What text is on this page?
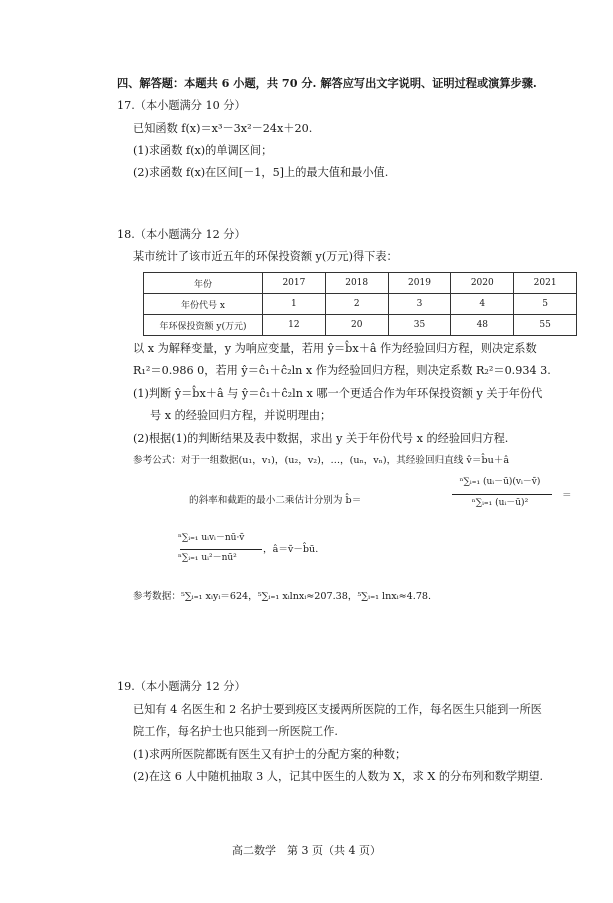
四、解答题：本题共 6 小题，共 70 分. 解答应写出文字说明、证明过程或演算步骤.
17.（本小题满分 10 分）
已知函数 f(x)＝x³－3x²－24x＋20.
(1)求函数 f(x)的单调区间；
(2)求函数 f(x)在区间[－1，5]上的最大值和最小值.
18.（本小题满分 12 分）
某市统计了该市近五年的环保投资额 y(万元)得下表：
年份	2017	2018	2019	2020	2021
年份代号 x	1	2	3	4	5
年环保投资额 y(万元)	12	20	35	48	55
以 x 为解释变量，y 为响应变量，若用 ŷ＝b̂x＋â 作为经验回归方程，则决定系数
R₁²＝0.986 0，若用 ŷ＝ĉ₁＋ĉ₂ln x 作为经验回归方程，则决定系数 R₂²＝0.934 3.
(1)判断 ŷ＝b̂x＋â 与 ŷ＝ĉ₁＋ĉ₂ln x 哪一个更适合作为年环保投资额 y 关于年份代
号 x 的经验回归方程，并说明理由；
(2)根据(1)的判断结果及表中数据，求出 y 关于年份代号 x 的经验回归方程.
参考公式：对于一组数据(u₁，v₁)，(u₂，v₂)，…，(uₙ，vₙ)，其经验回归直线 v̂＝b̂u＋â
的斜率和截距的最小二乘估计分别为 b̂＝
ⁿ∑ᵢ₌₁ (uᵢ－ū)(vᵢ－v̄)
ⁿ∑ᵢ₌₁ (uᵢ－ū)²
＝
ⁿ∑ᵢ₌₁ uᵢvᵢ－nū·v̄
ⁿ∑ᵢ₌₁ uᵢ²－nū²
，â＝v̄－b̂ū.
参考数据：⁵∑ᵢ₌₁ xᵢyᵢ＝624，⁵∑ᵢ₌₁ xᵢlnxᵢ≈207.38，⁵∑ᵢ₌₁ lnxᵢ≈4.78.
19.（本小题满分 12 分）
已知有 4 名医生和 2 名护士要到疫区支援两所医院的工作，每名医生只能到一所医
院工作，每名护士也只能到一所医院工作.
(1)求两所医院都既有医生又有护士的分配方案的种数；
(2)在这 6 人中随机抽取 3 人，记其中医生的人数为 X，求 X 的分布列和数学期望.
高二数学　第 3 页（共 4 页）
